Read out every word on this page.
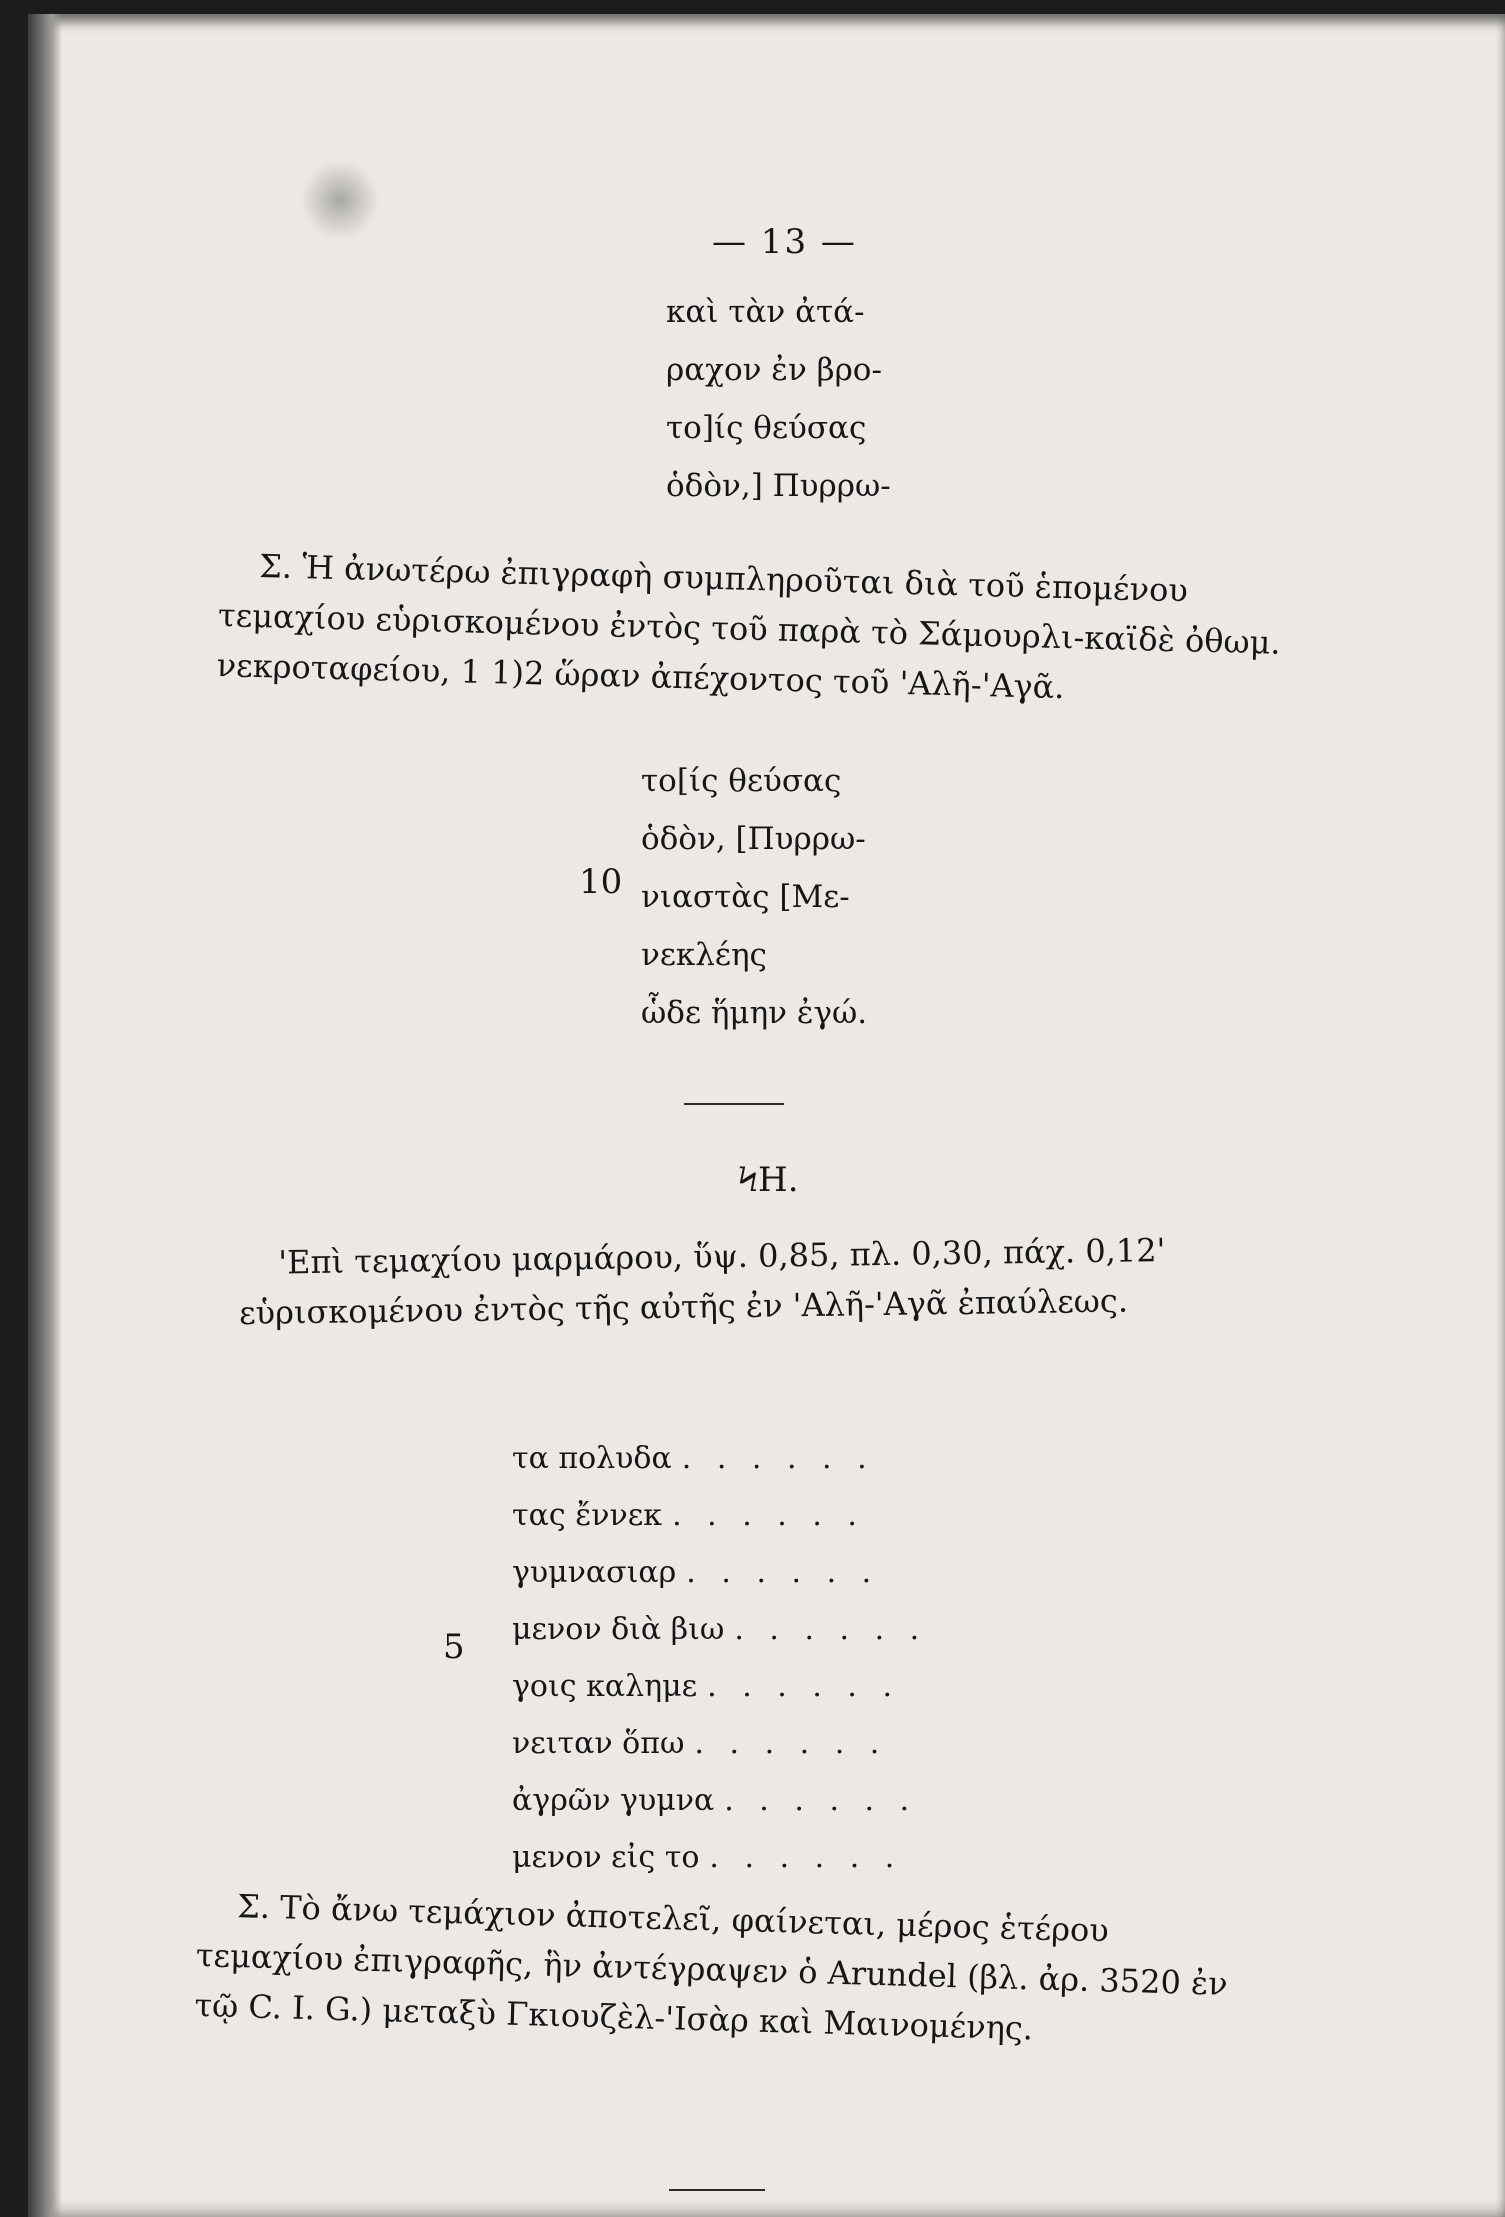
— 13 —
καὶ τὰν ἀτά-
ραχον ἐν βρο-
το]ίς θεύσας
ὁδὸν,] Πυρρω-
Σ. Ἡ ἀνωτέρω ἐπιγραφὴ συμπληροῦται διὰ τοῦ ἑπομένου τεμαχίου εὑρισκομένου ἐντὸς τοῦ παρὰ τὸ Σάμουρλι-καϊδὲ ὀθωμ. νεκροταφείου, 1 1)2 ὥραν ἀπέχοντος τοῦ 'Αλῆ-'Αγᾶ.
το[ίς θεύσας
ὁδὸν, [Πυρρω-
νιαστὰς [Με-
νεκλέης
ὧδε ἥμην ἐγώ.
10
ϞΗ.
'Επὶ τεμαχίου μαρμάρου, ὕψ. 0,85, πλ. 0,30, πάχ. 0,12' εὑρισκομένου ἐντὸς τῆς αὐτῆς ἐν 'Αλῆ-'Αγᾶ ἐπαύλεως.
τα πολυδα . . . . . .
τας ἔννεκ . . . . . .
γυμνασιαρ . . . . . .
μενον διὰ βιω . . . . . .
γοις καλημε . . . . . .
νειταν ὅπω . . . . . .
ἀγρῶν γυμνα . . . . . .
μενον εἰς το . . . . . .
5
Σ. Τὸ ἄνω τεμάχιον ἀποτελεῖ, φαίνεται, μέρος ἑτέρου τεμαχίου ἐπιγραφῆς, ἣν ἀντέγραψεν ὁ Arundel (βλ. ἀρ. 3520 ἐν τῷ C. I. G.) μεταξὺ Γκιουζὲλ-'Ισὰρ καὶ Μαινομένης.
